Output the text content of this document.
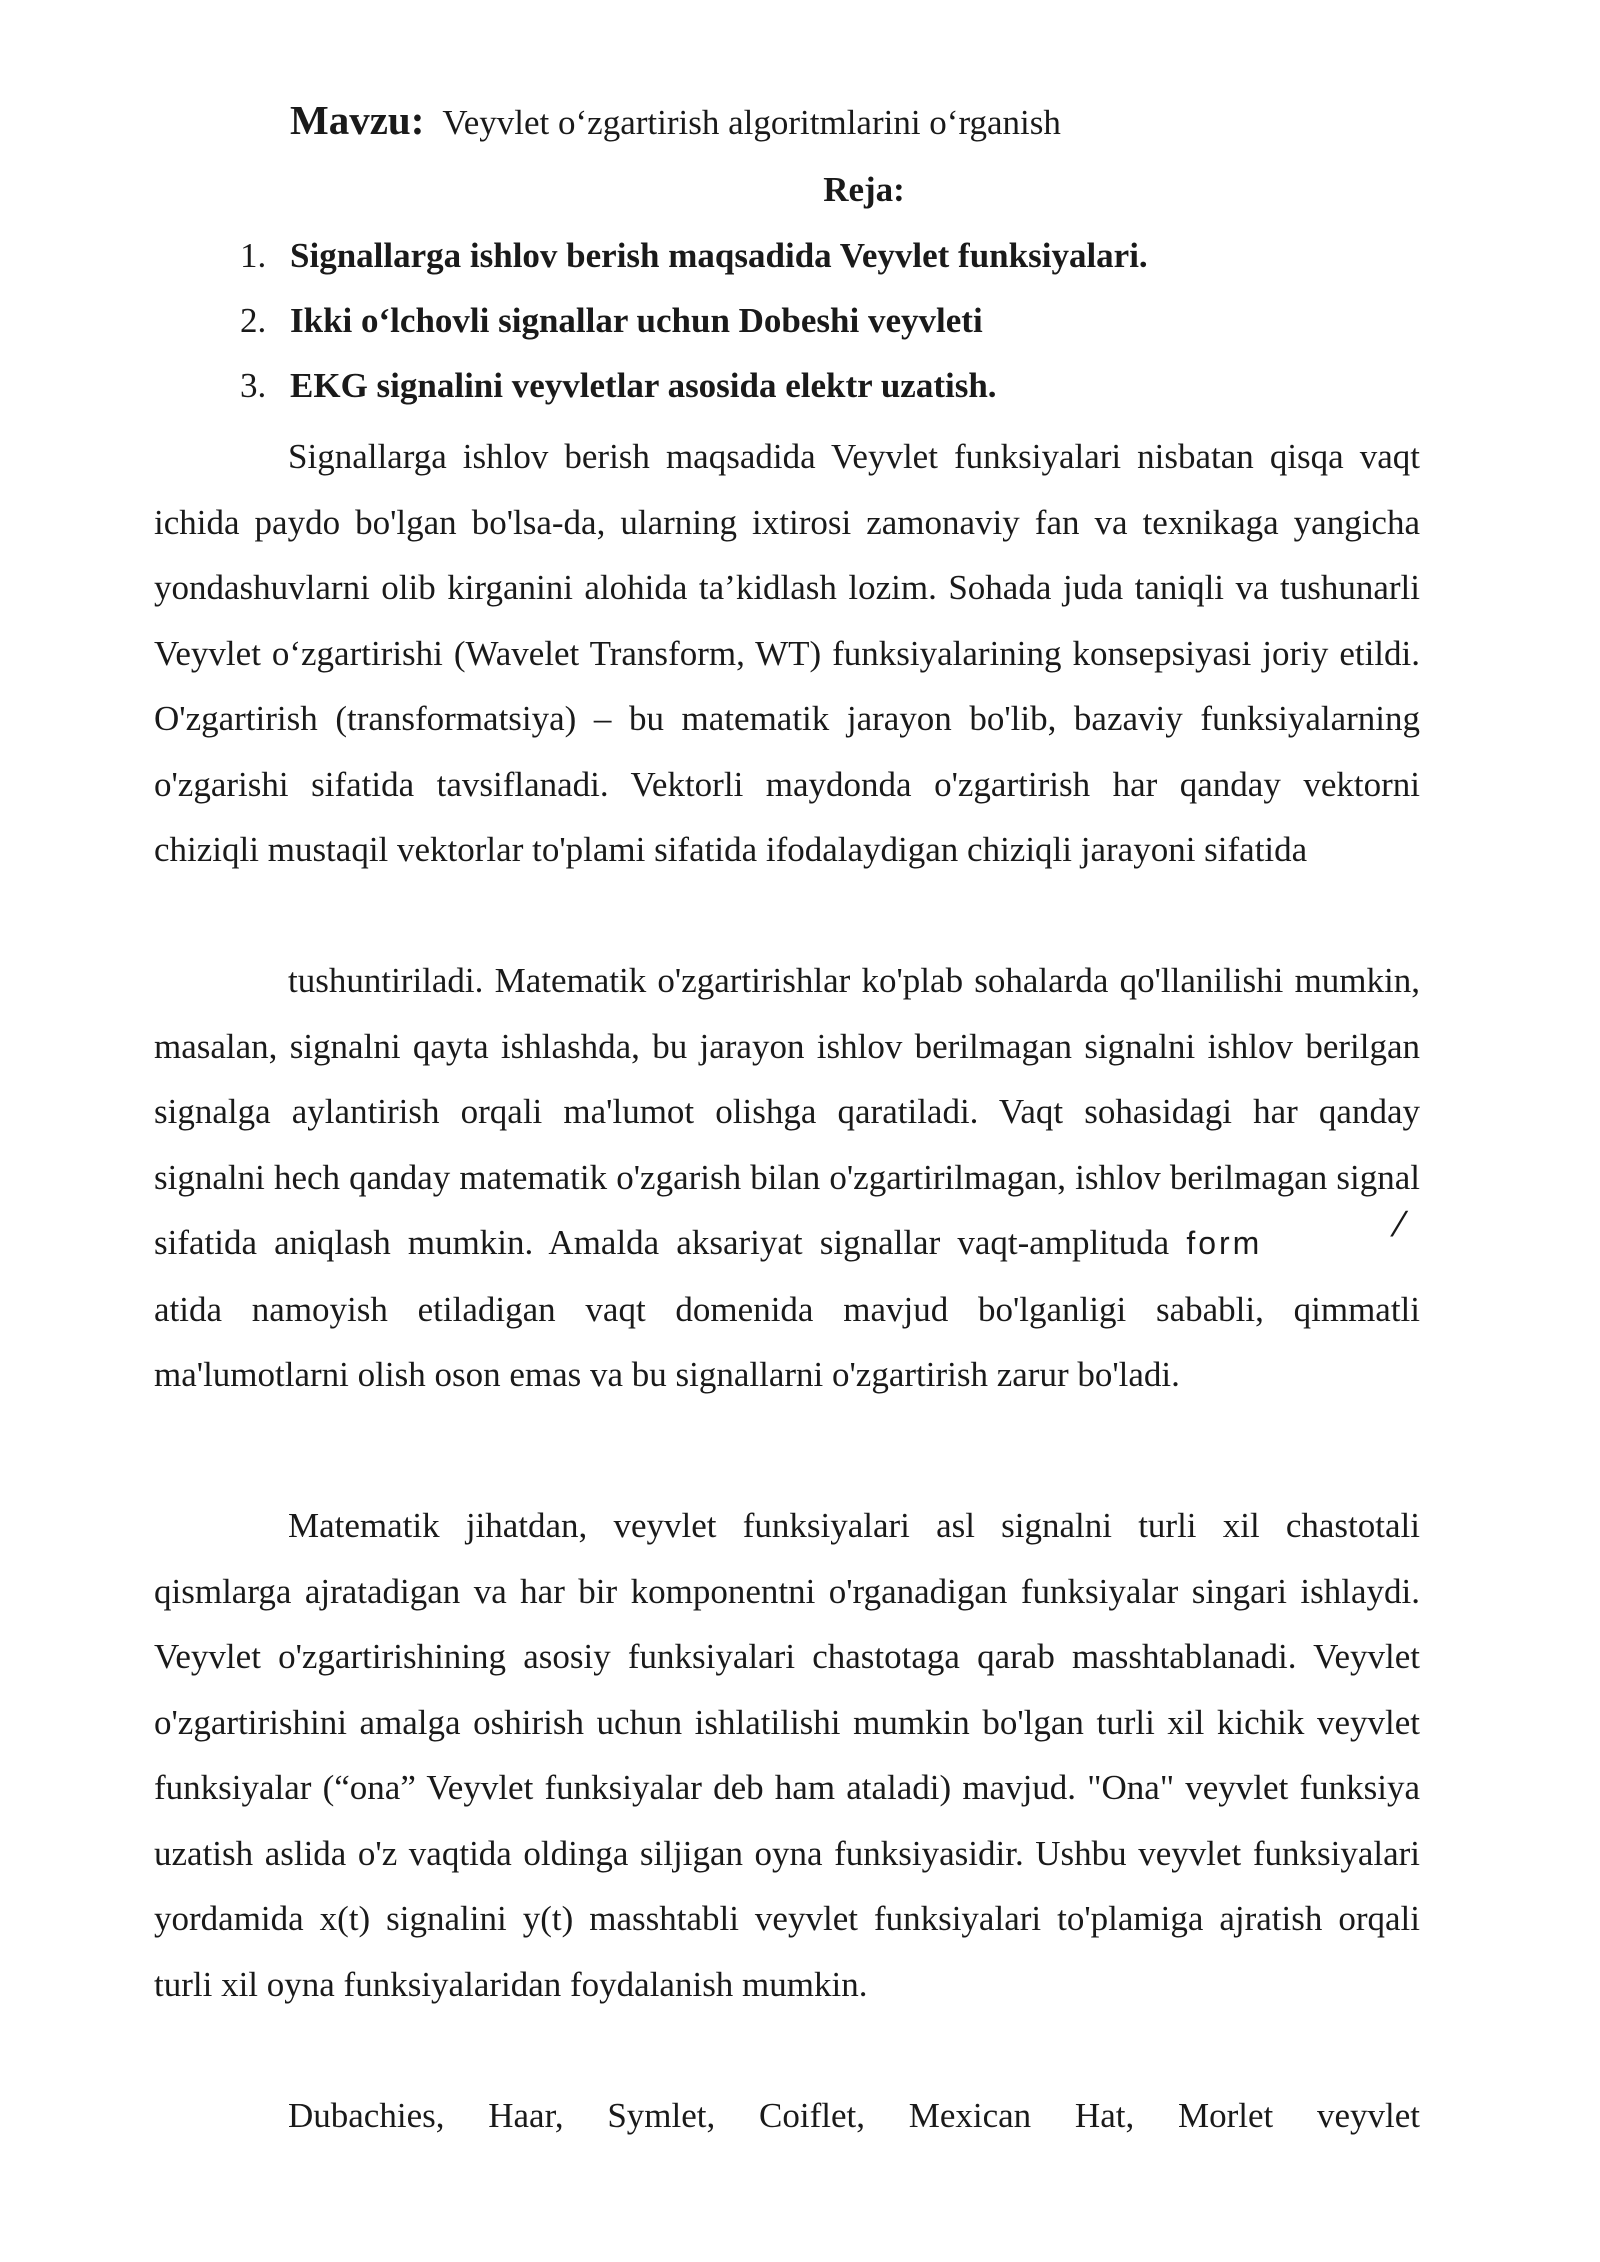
Mavzu: Veyvlet o‘zgartirish algoritmlarini o‘rganish
Reja:
1. Signallarga ishlov berish maqsadida Veyvlet funksiyalari.
2. Ikki o‘lchovli signallar uchun Dobeshi veyvleti
3. EKG signalini veyvletlar asosida elektr uzatish.

Signallarga ishlov berish maqsadida Veyvlet funksiyalari nisbatan qisqa vaqt ichida paydo bo'lgan bo'lsa-da, ularning ixtirosi zamonaviy fan va texnikaga yangicha yondashuvlarni olib kirganini alohida ta’kidlash lozim. Sohada juda taniqli va tushunarli Veyvlet o‘zgartirishi (Wavelet Transform, WT) funksiyalarining konsepsiyasi joriy etildi. O'zgartirish (transformatsiya) – bu matematik jarayon bo'lib, bazaviy funksiyalarning o'zgarishi sifatida tavsiflanadi. Vektorli maydonda o'zgartirish har qanday vektorni chiziqli mustaqil vektorlar to'plami sifatida ifodalaydigan chiziqli jarayoni sifatida

tushuntiriladi. Matematik o'zgartirishlar ko'plab sohalarda qo'llanilishi mumkin, masalan, signalni qayta ishlashda, bu jarayon ishlov berilmagan signalni ishlov berilgan signalga aylantirish orqali ma'lumot olishga qaratiladi. Vaqt sohasidagi har qanday signalni hech qanday matematik o'zgarish bilan o'zgartirilmagan, ishlov berilmagan signal sifatida aniqlash mumkin. Amalda aksariyat signallar vaqt-amplituda form	⁄atida namoyish etiladigan vaqt domenida mavjud bo'lganligi sababli, qimmatli ma'lumotlarni olish oson emas va bu signallarni o'zgartirish zarur bo'ladi.

Matematik jihatdan, veyvlet funksiyalari asl signalni turli xil chastotali qismlarga ajratadigan va har bir komponentni o'rganadigan funksiyalar singari ishlaydi. Veyvlet o'zgartirishining asosiy funksiyalari chastotaga qarab masshtablanadi. Veyvlet o'zgartirishini amalga oshirish uchun ishlatilishi mumkin bo'lgan turli xil kichik veyvlet funksiyalar (“ona” Veyvlet funksiyalar deb ham ataladi) mavjud. "Ona" veyvlet funksiya uzatish aslida o'z vaqtida oldinga siljigan oyna funksiyasidir. Ushbu veyvlet funksiyalari yordamida x(t) signalini y(t) masshtabli veyvlet funksiyalari to'plamiga ajratish orqali turli xil oyna funksiyalaridan foydalanish mumkin.

Dubachies, Haar, Symlet, Coiflet, Mexican Hat, Morlet veyvlet
